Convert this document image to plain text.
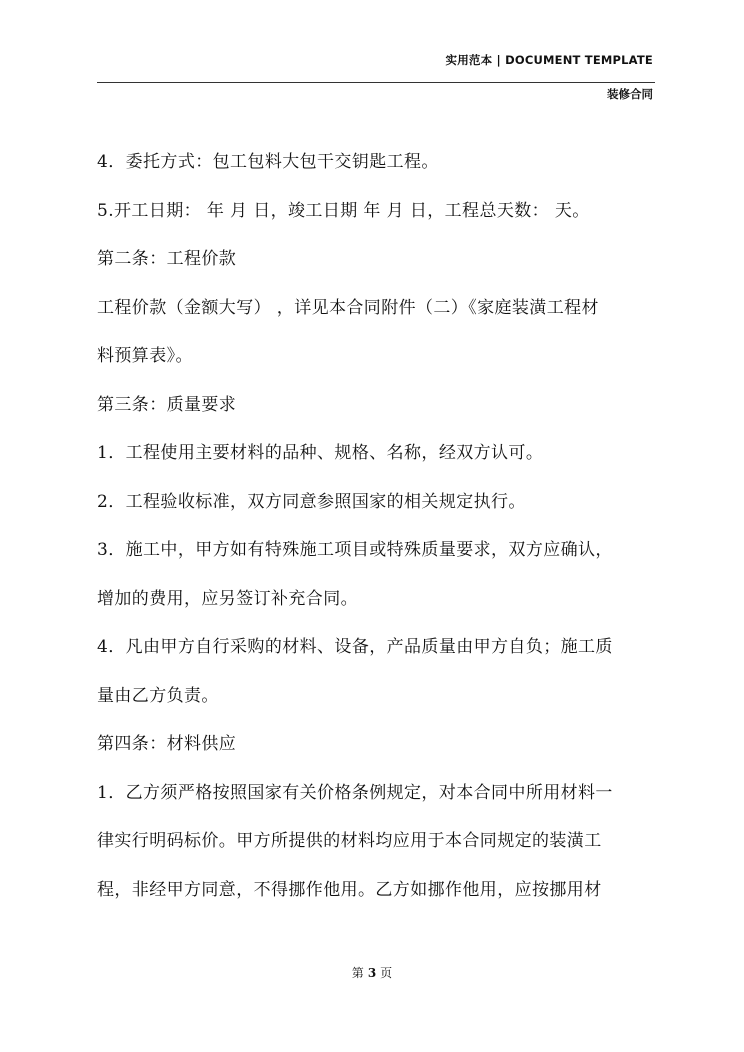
实用范本 | DOCUMENT TEMPLATE
装修合同

4．委托方式：包工包料大包干交钥匙工程。

5.开工日期： 年 月 日，竣工日期 年 月 日，工程总天数： 天。

第二条：工程价款

工程价款（金额大写） ，详见本合同附件（二）《家庭装潢工程材

料预算表》。

第三条：质量要求

1．工程使用主要材料的品种、规格、名称，经双方认可。

2．工程验收标准，双方同意参照国家的相关规定执行。

3．施工中，甲方如有特殊施工项目或特殊质量要求，双方应确认，

增加的费用，应另签订补充合同。

4．凡由甲方自行采购的材料、设备，产品质量由甲方自负；施工质

量由乙方负责。

第四条：材料供应

1．乙方须严格按照国家有关价格条例规定，对本合同中所用材料一

律实行明码标价。甲方所提供的材料均应用于本合同规定的装潢工

程，非经甲方同意，不得挪作他用。乙方如挪作他用，应按挪用材

第 3 页
